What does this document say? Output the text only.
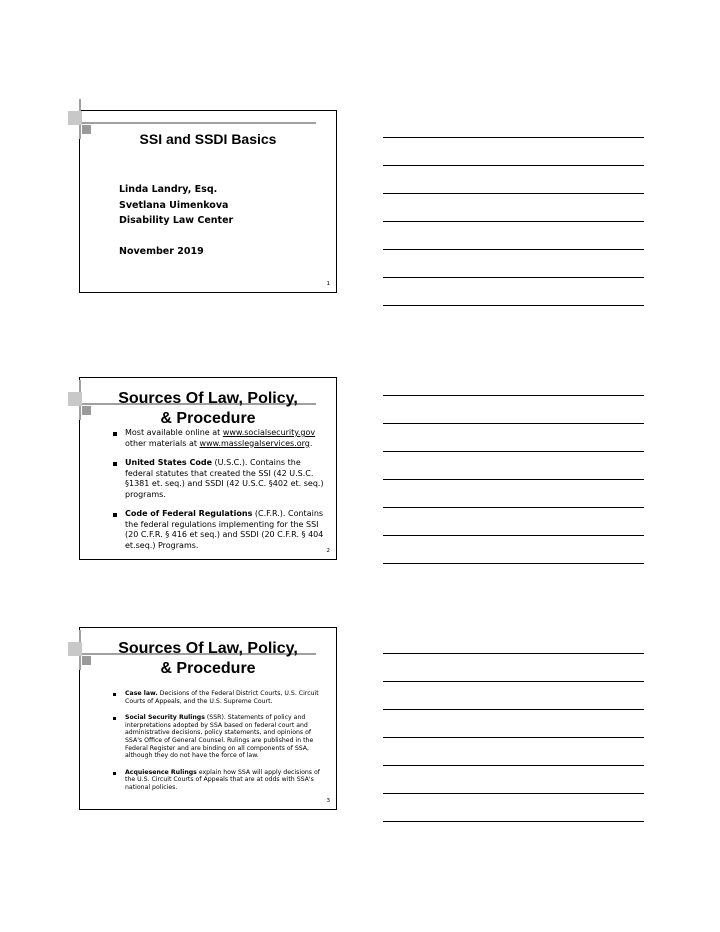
SSI and SSDI Basics
Linda Landry, Esq.
Svetlana Uimenkova
Disability Law Center
November 2019
1
Sources Of Law, Policy,
& Procedure
Most available online at www.socialsecurity.gov other materials at www.masslegalservices.org.
United States Code (U.S.C.). Contains the federal statutes that created the SSI (42 U.S.C. §1381 et. seq.) and SSDI (42 U.S.C. §402 et. seq.) programs.
Code of Federal Regulations (C.F.R.). Contains the federal regulations implementing for the SSI (20 C.F.R. § 416 et seq.) and SSDI (20 C.F.R. § 404 et.seq.) Programs.
2
Sources Of Law, Policy,
& Procedure
Case law. Decisions of the Federal District Courts, U.S. Circuit Courts of Appeals, and the U.S. Supreme Court.
Social Security Rulings (SSR). Statements of policy and interpretations adopted by SSA based on federal court and administrative decisions, policy statements, and opinions of SSA's Office of General Counsel. Rulings are published in the Federal Register and are binding on all components of SSA, although they do not have the force of law.
Acquiesence Rulings explain how SSA will apply decisions of the U.S. Circuit Courts of Appeals that are at odds with SSA's national policies.
3
